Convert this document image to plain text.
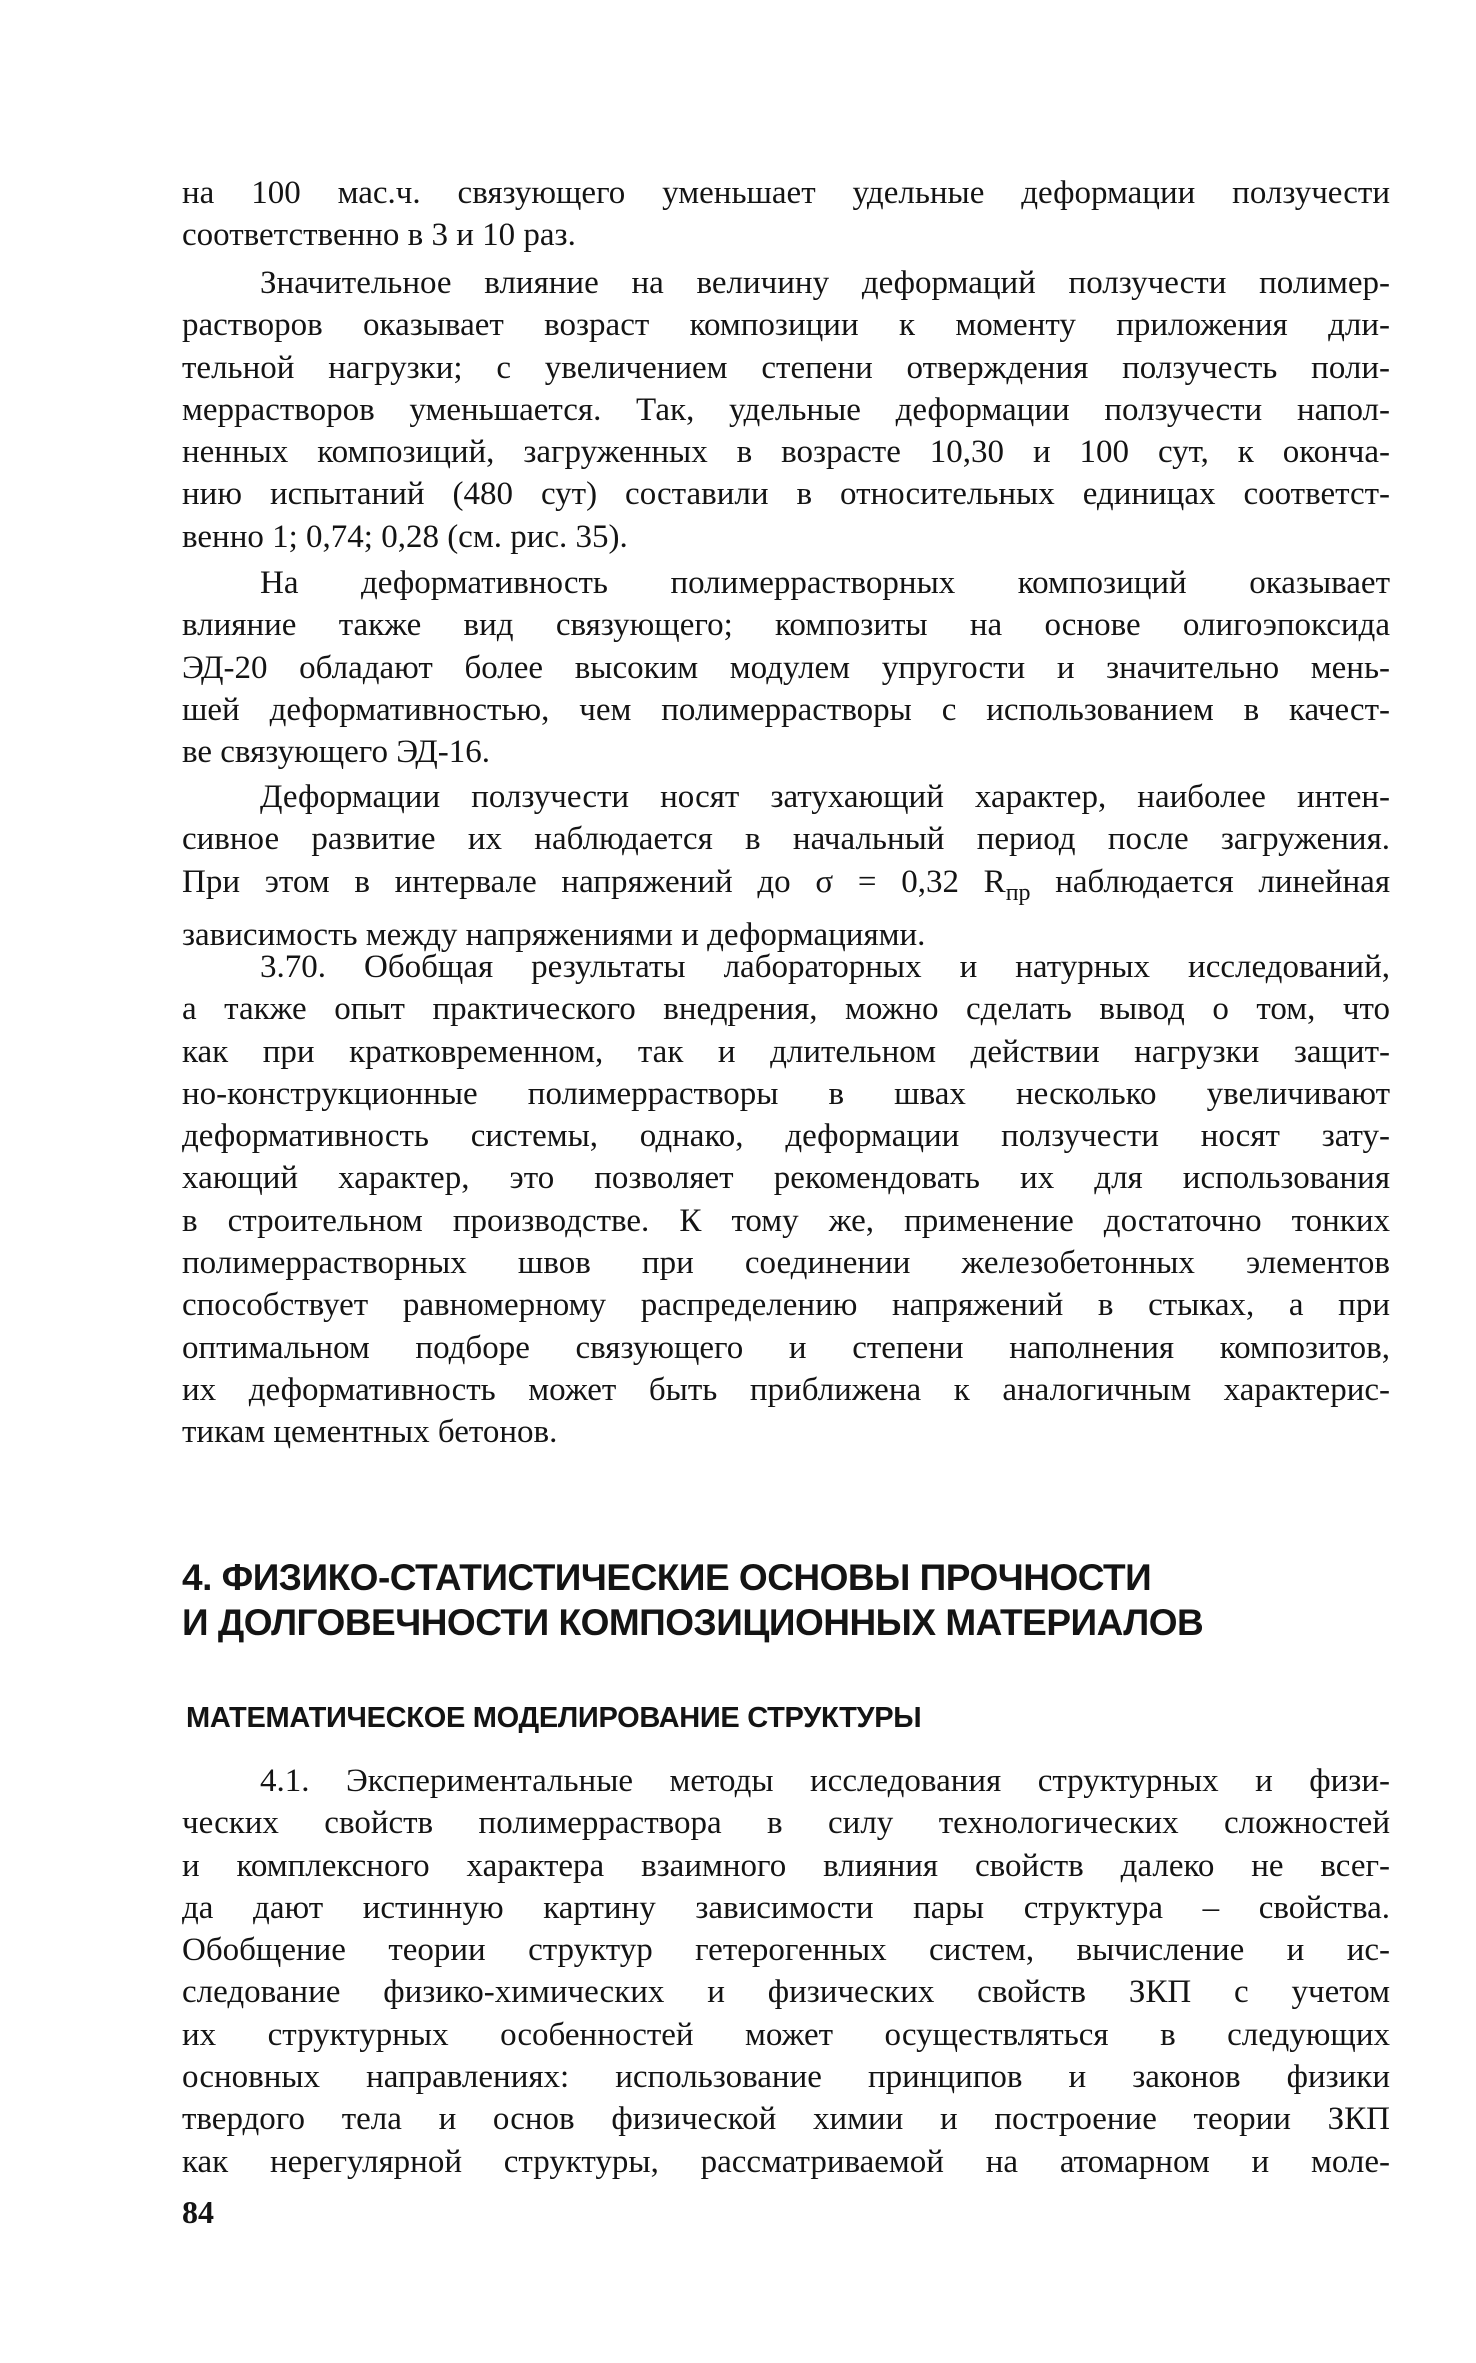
на 100 мас.ч. связующего уменьшает удельные деформации ползучести
соответственно в 3 и 10 раз.

Значительное влияние на величину деформаций ползучести полимер-
растворов оказывает возраст композиции к моменту приложения дли-
тельной нагрузки; с увеличением степени отверждения ползучесть поли-
меррастворов уменьшается. Так, удельные деформации ползучести напол-
ненных композиций, загруженных в возрасте 10,30 и 100 сут, к оконча-
нию испытаний (480 сут) составили в относительных единицах соответст-
венно 1; 0,74; 0,28 (см. рис. 35).

На деформативность полимеррастворных композиций оказывает
влияние также вид связующего; композиты на основе олигоэпоксида
ЭД-20 обладают более высоким модулем упругости и значительно мень-
шей деформативностью, чем полимеррастворы с использованием в качест-
ве связующего ЭД-16.

Деформации ползучести носят затухающий характер, наиболее интен-
сивное развитие их наблюдается в начальный период после загружения.
При этом в интервале напряжений до σ = 0,32 $R_{пр}$ наблюдается линейная
зависимость между напряжениями и деформациями.

3.70. Обобщая результаты лабораторных и натурных исследований,
а также опыт практического внедрения, можно сделать вывод о том, что
как при кратковременном, так и длительном действии нагрузки защит-
но-конструкционные полимеррастворы в швах несколько увеличивают
деформативность системы, однако, деформации ползучести носят зату-
хающий характер, это позволяет рекомендовать их для использования
в строительном производстве. К тому же, применение достаточно тонких
полимеррастворных швов при соединении железобетонных элементов
способствует равномерному распределению напряжений в стыках, а при
оптимальном подборе связующего и степени наполнения композитов,
их деформативность может быть приближена к аналогичным характерис-
тикам цементных бетонов.

4. ФИЗИКО-СТАТИСТИЧЕСКИЕ ОСНОВЫ ПРОЧНОСТИ
И ДОЛГОВЕЧНОСТИ КОМПОЗИЦИОННЫХ МАТЕРИАЛОВ
МАТЕМАТИЧЕСКОЕ МОДЕЛИРОВАНИЕ СТРУКТУРЫ

4.1. Экспериментальные методы исследования структурных и физи-
ческих свойств полимерраствора в силу технологических сложностей
и комплексного характера взаимного влияния свойств далеко не всег-
да дают истинную картину зависимости пары структура – свойства.
Обобщение теории структур гетерогенных систем, вычисление и ис-
следование физико-химических и физических свойств ЗКП с учетом
их структурных особенностей может осуществляться в следующих
основных направлениях: использование принципов и законов физики
твердого тела и основ физической химии и построение теории ЗКП
как нерегулярной структуры, рассматриваемой на атомарном и моле-

84
